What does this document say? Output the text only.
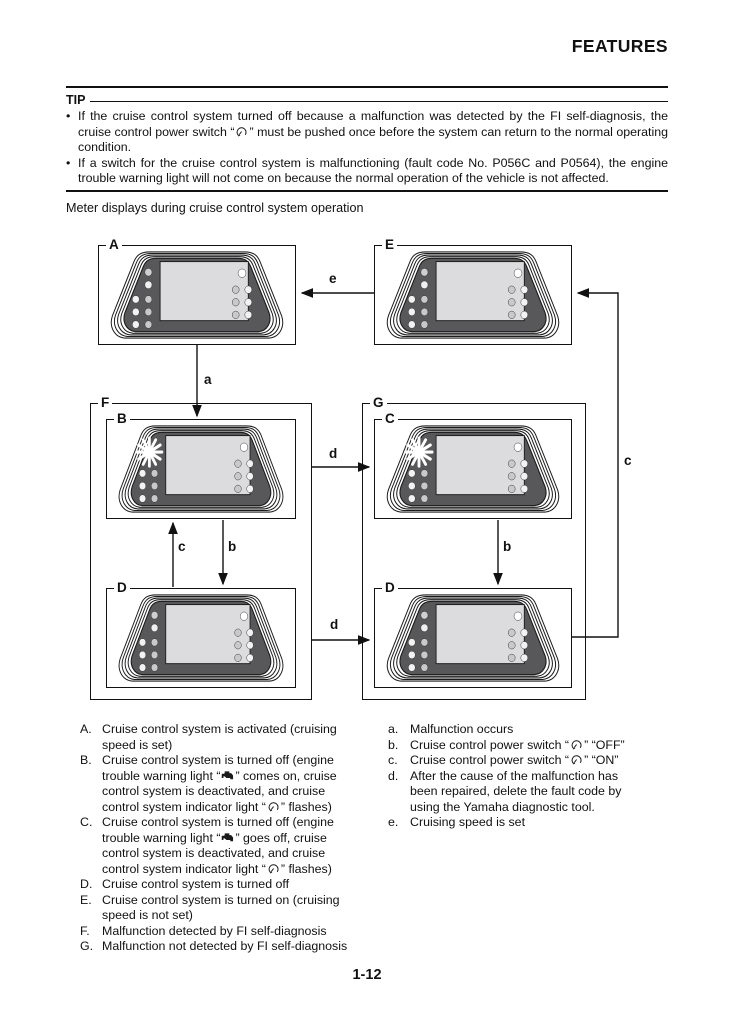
FEATURES
TIP
• If the cruise control system turned off because a malfunction was detected by the FI self-diagnosis, the cruise control power switch “ ” must be pushed once before the system can return to the normal operating condition.
• If a switch for the cruise control system is malfunctioning (fault code No. P056C and P0564), the engine trouble warning light will not come on because the normal operation of the vehicle is not affected.
Meter displays during cruise control system operation
F	G
A	E
B	C
D	D
e
a
d
c	b	b
d
c
A. Cruise control system is activated (cruising speed is set)
B. Cruise control system is turned off (engine trouble warning light “ ” comes on, cruise control system is deactivated, and cruise control system indicator light “ ” flashes)
C. Cruise control system is turned off (engine trouble warning light “ ” goes off, cruise control system is deactivated, and cruise control system indicator light “ ” flashes)
D. Cruise control system is turned off
E. Cruise control system is turned on (cruising speed is not set)
F. Malfunction detected by FI self-diagnosis
G. Malfunction not detected by FI self-diagnosis
a. Malfunction occurs
b. Cruise control power switch “ ” “OFF”
c. Cruise control power switch “ ” “ON”
d. After the cause of the malfunction has been repaired, delete the fault code by using the Yamaha diagnostic tool.
e. Cruising speed is set
1-12
